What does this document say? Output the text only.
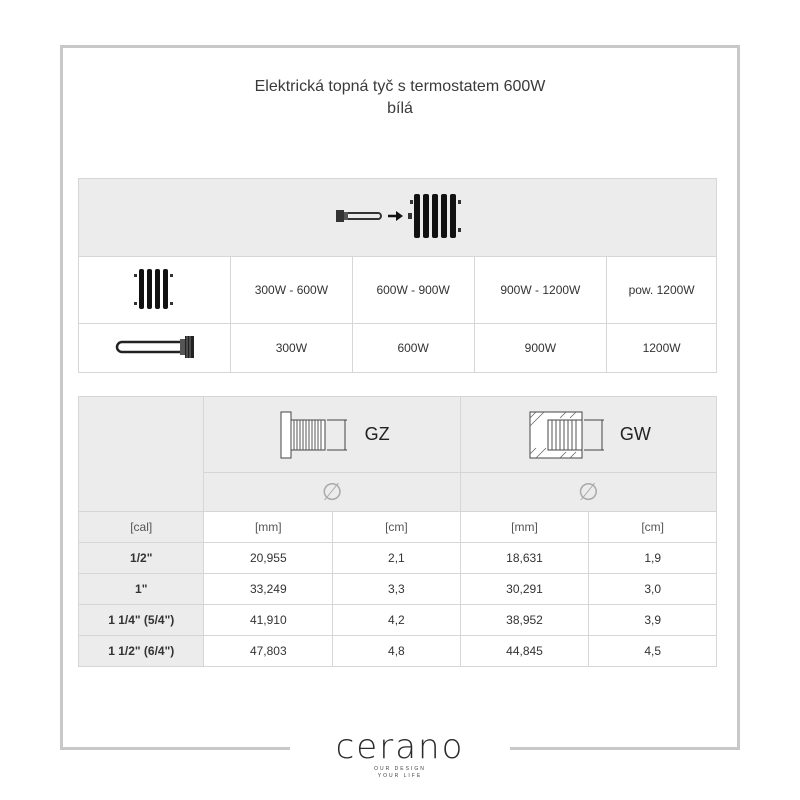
Elektrická topná tyč s termostatem 600W
bílá

	300W - 600W	600W - 900W	900W - 1200W	pow. 1200W
	300W	600W	900W	1200W

	GZ		GW	

	∅		∅	
[cal]	[mm]	[cm]	[mm]	[cm]
1/2"	20,955	2,1	18,631	1,9
1"	33,249	3,3	30,291	3,0
1 1/4" (5/4")	41,910	4,2	38,952	3,9
1 1/2" (6/4")	47,803	4,8	44,845	4,5
cerano
OUR DESIGN
YOUR LIFE
